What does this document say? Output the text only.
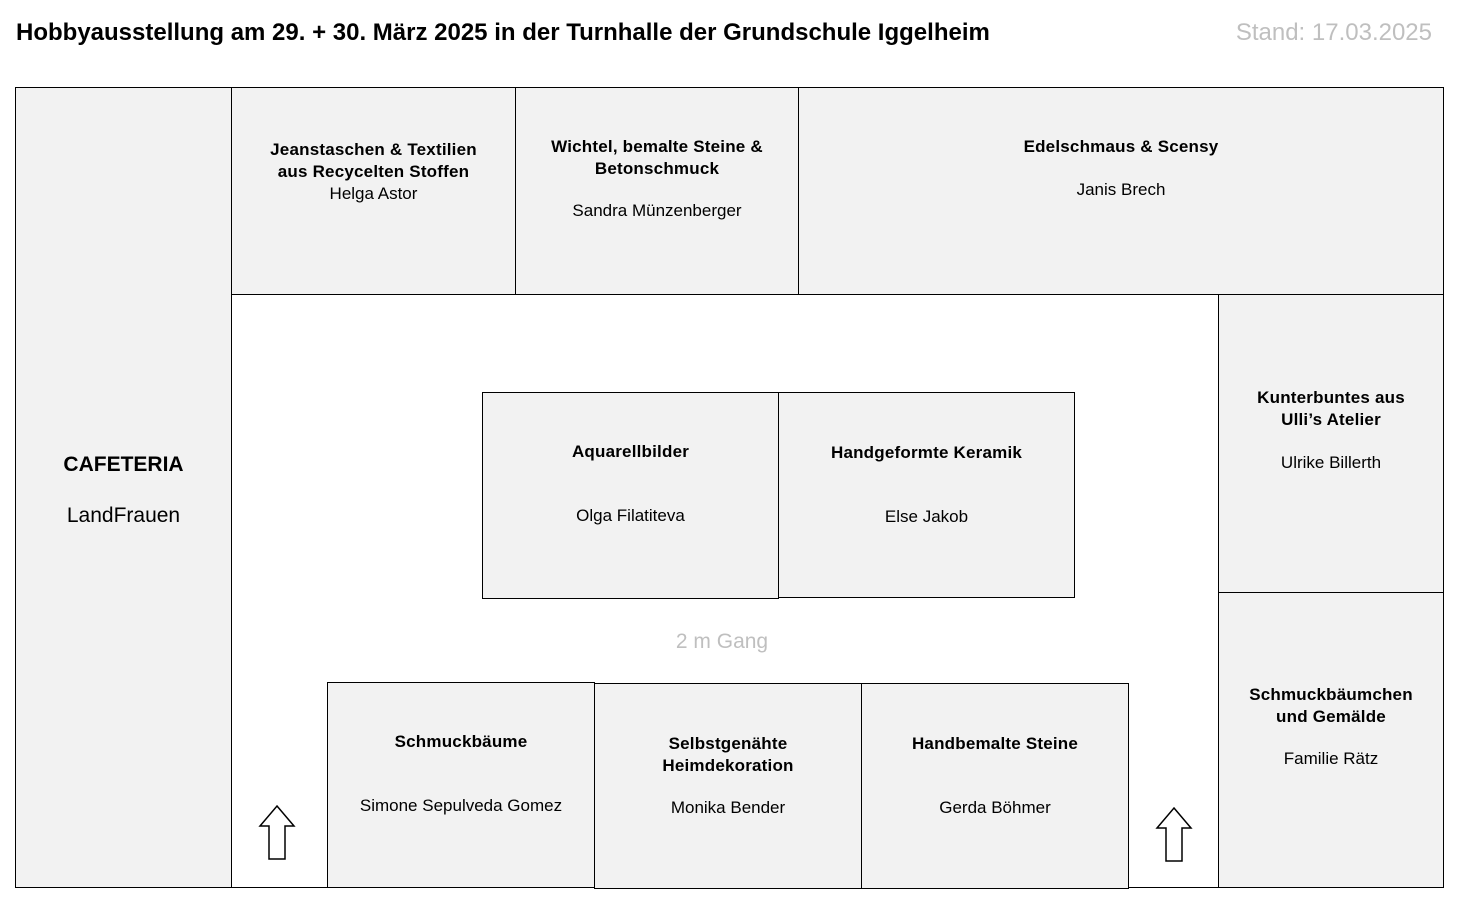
Hobbyausstellung am 29. + 30. März 2025 in der Turnhalle der Grundschule Iggelheim	Stand: 17.03.2025
CAFETERIA
LandFrauen
Jeanstaschen & Textilien
aus Recycelten Stoffen
Helga Astor
Wichtel, bemalte Steine &
Betonschmuck
Sandra Münzenberger
Edelschmaus & Scensy
Janis Brech
Kunterbuntes aus
Ulli’s Atelier
Ulrike Billerth
Schmuckbäumchen
und Gemälde
Familie Rätz
Aquarellbilder
Olga Filatiteva
Handgeformte Keramik
Else Jakob
2 m Gang
Schmuckbäume
Simone Sepulveda Gomez
Selbstgenähte
Heimdekoration
Monika Bender
Handbemalte Steine
Gerda Böhmer
